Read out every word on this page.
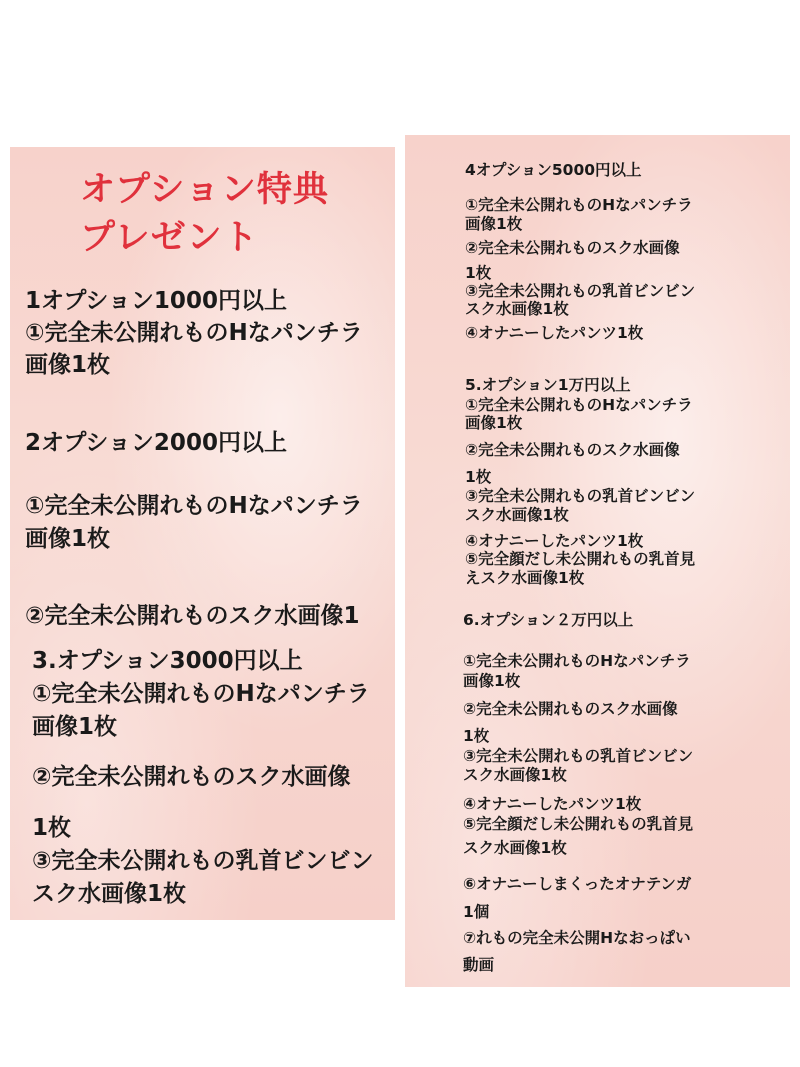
オプション特典
プレゼント
1オプション1000円以上
①完全未公開れものHなパンチラ
画像1枚
2オプション2000円以上
①完全未公開れものHなパンチラ
画像1枚
②完全未公開れものスク水画像1
3.オプション3000円以上
①完全未公開れものHなパンチラ
画像1枚
②完全未公開れものスク水画像
1枚
③完全未公開れもの乳首ビンビン
スク水画像1枚
4オプション5000円以上
①完全未公開れものHなパンチラ
画像1枚
②完全未公開れものスク水画像
1枚
③完全未公開れもの乳首ビンビン
スク水画像1枚
④オナニーしたパンツ1枚
5.オプション1万円以上
①完全未公開れものHなパンチラ
画像1枚
②完全未公開れものスク水画像
1枚
③完全未公開れもの乳首ビンビン
スク水画像1枚
④オナニーしたパンツ1枚
⑤完全顔だし未公開れもの乳首見
えスク水画像1枚
6.オプション２万円以上
①完全未公開れものHなパンチラ
画像1枚
②完全未公開れものスク水画像
1枚
③完全未公開れもの乳首ビンビン
スク水画像1枚
④オナニーしたパンツ1枚
⑤完全顔だし未公開れもの乳首見
スク水画像1枚
⑥オナニーしまくったオナテンガ
1個
⑦れもの完全未公開Hなおっぱい
動画
